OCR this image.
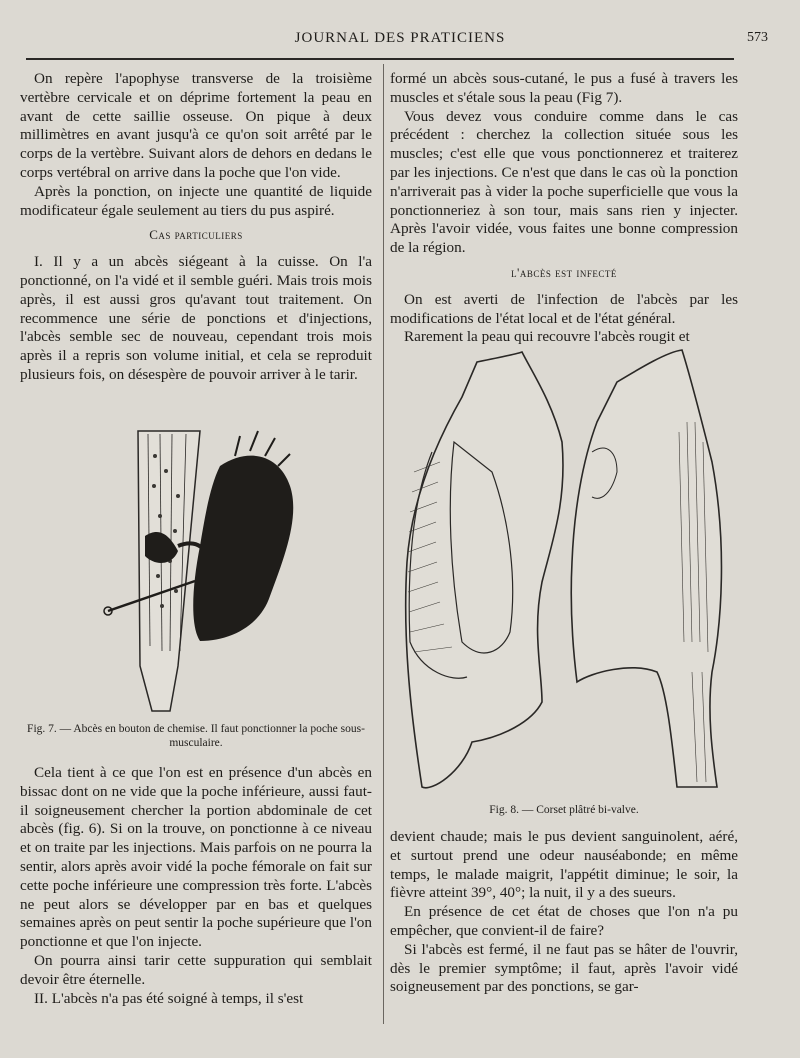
JOURNAL DES PRATICIENS	573

On repère l'apophyse transverse de la troisième vertèbre cervicale et on déprime fortement la peau en avant de cette saillie osseuse. On pique à deux millimètres en avant jusqu'à ce qu'on soit arrêté par le corps de la vertèbre. Suivant alors de dehors en dedans le corps vertébral on arrive dans la poche que l'on vide.

Après la ponction, on injecte une quantité de liquide modificateur égale seulement au tiers du pus aspiré.

Cas particuliers

I. Il y a un abcès siégeant à la cuisse. On l'a ponctionné, on l'a vidé et il semble guéri. Mais trois mois après, il est aussi gros qu'avant tout traitement. On recommence une série de ponctions et d'injections, l'abcès semble sec de nouveau, cependant trois mois après il a repris son volume initial, et cela se reproduit plusieurs fois, on désespère de pouvoir arriver à le tarir.

Fig. 7. — Abcès en bouton de chemise. Il faut ponctionner la poche sous-musculaire.

Cela tient à ce que l'on est en présence d'un abcès en bissac dont on ne vide que la poche inférieure, aussi faut-il soigneusement chercher la portion abdominale de cet abcès (fig. 6). Si on la trouve, on ponctionne à ce niveau et on traite par les injections. Mais parfois on ne pourra la sentir, alors après avoir vidé la poche fémorale on fait sur cette poche inférieure une compression très forte. L'abcès ne peut alors se développer par en bas et quelques semaines après on peut sentir la poche supérieure que l'on ponctionne et que l'on injecte.

On pourra ainsi tarir cette suppuration qui semblait devoir être éternelle.

II. L'abcès n'a pas été soigné à temps, il s'est

formé un abcès sous-cutané, le pus a fusé à travers les muscles et s'étale sous la peau (Fig 7).

Vous devez vous conduire comme dans le cas précédent : cherchez la collection située sous les muscles; c'est elle que vous ponctionnerez et traiterez par les injections. Ce n'est que dans le cas où la ponction n'arriverait pas à vider la poche superficielle que vous la ponctionneriez à son tour, mais sans rien y injecter. Après l'avoir vidée, vous faites une bonne compression de la région.

l'abcès est infecté

On est averti de l'infection de l'abcès par les modifications de l'état local et de l'état général.

Rarement la peau qui recouvre l'abcès rougit et

Fig. 8. — Corset plâtré bi-valve.

devient chaude; mais le pus devient sanguinolent, aéré, et surtout prend une odeur nauséabonde; en même temps, le malade maigrit, l'appétit diminue; le soir, la fièvre atteint 39°, 40°; la nuit, il y a des sueurs.

En présence de cet état de choses que l'on n'a pu empêcher, que convient-il de faire?

Si l'abcès est fermé, il ne faut pas se hâter de l'ouvrir, dès le premier symptôme; il faut, après l'avoir vidé soigneusement par des ponctions, se gar-
